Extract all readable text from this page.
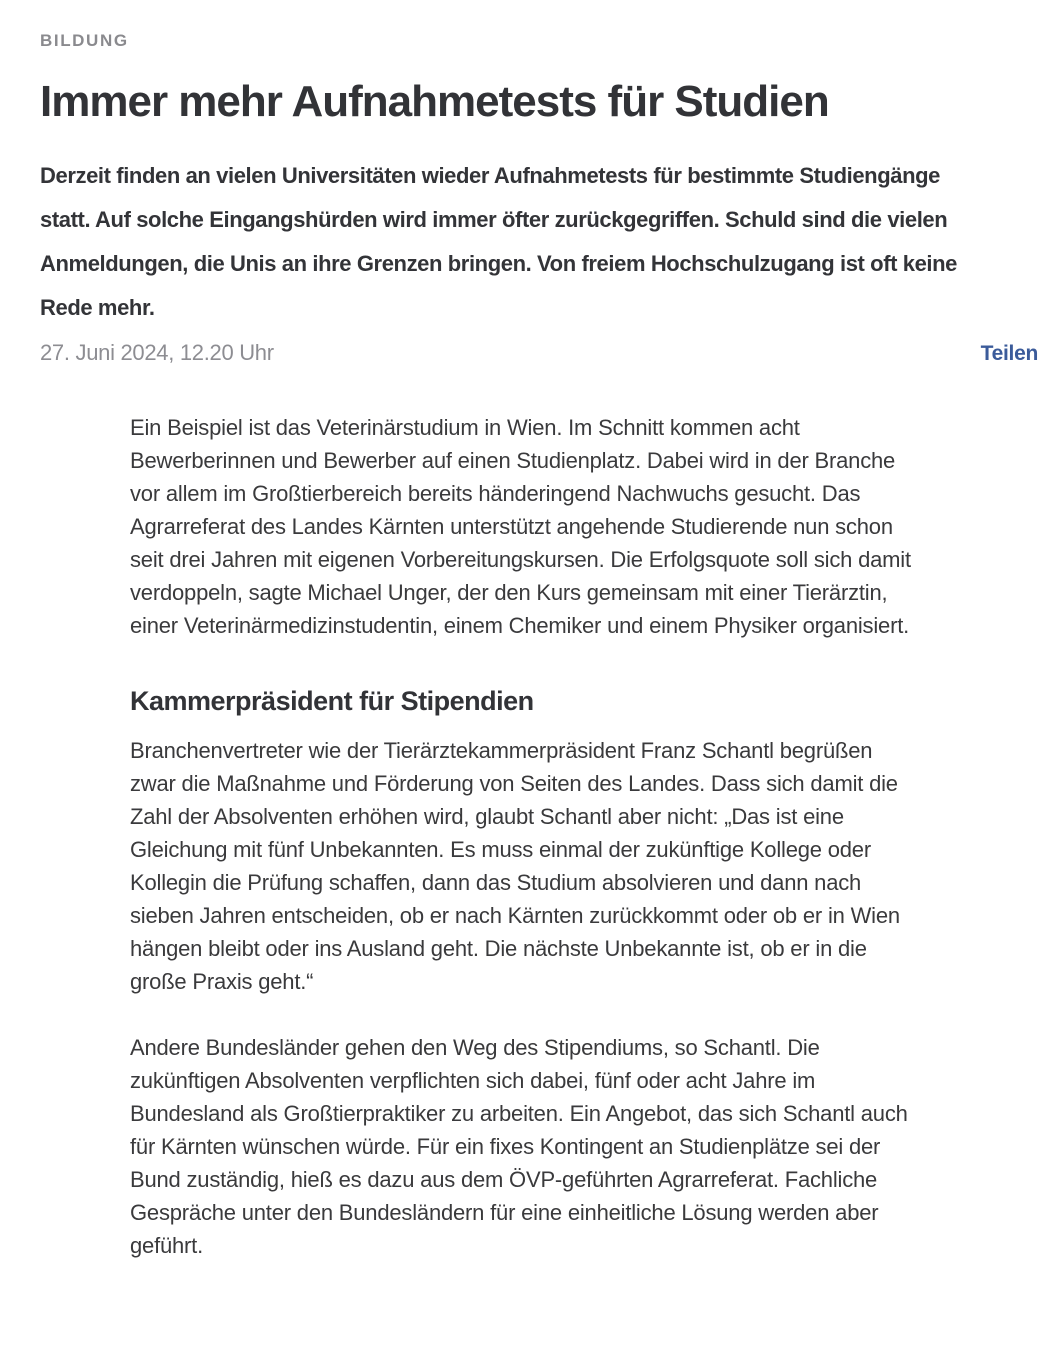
BILDUNG
Immer mehr Aufnahmetests für Studien

Derzeit finden an vielen Universitäten wieder Aufnahmetests für bestimmte Studiengänge statt. Auf solche Eingangshürden wird immer öfter zurückgegriffen. Schuld sind die vielen Anmeldungen, die Unis an ihre Grenzen bringen. Von freiem Hochschulzugang ist oft keine Rede mehr.

27. Juni 2024, 12.20 Uhr	Teilen

Ein Beispiel ist das Veterinärstudium in Wien. Im Schnitt kommen acht Bewerberinnen und Bewerber auf einen Studienplatz. Dabei wird in der Branche vor allem im Großtierbereich bereits händeringend Nachwuchs gesucht. Das Agrarreferat des Landes Kärnten unterstützt angehende Studierende nun schon seit drei Jahren mit eigenen Vorbereitungskursen. Die Erfolgsquote soll sich damit verdoppeln, sagte Michael Unger, der den Kurs gemeinsam mit einer Tierärztin, einer Veterinärmedizinstudentin, einem Chemiker und einem Physiker organisiert.

Kammerpräsident für Stipendien

Branchenvertreter wie der Tierärztekammerpräsident Franz Schantl begrüßen zwar die Maßnahme und Förderung von Seiten des Landes. Dass sich damit die Zahl der Absolventen erhöhen wird, glaubt Schantl aber nicht: „Das ist eine Gleichung mit fünf Unbekannten. Es muss einmal der zukünftige Kollege oder Kollegin die Prüfung schaffen, dann das Studium absolvieren und dann nach sieben Jahren entscheiden, ob er nach Kärnten zurückkommt oder ob er in Wien hängen bleibt oder ins Ausland geht. Die nächste Unbekannte ist, ob er in die große Praxis geht.“

Andere Bundesländer gehen den Weg des Stipendiums, so Schantl. Die zukünftigen Absolventen verpflichten sich dabei, fünf oder acht Jahre im Bundesland als Großtierpraktiker zu arbeiten. Ein Angebot, das sich Schantl auch für Kärnten wünschen würde. Für ein fixes Kontingent an Studienplätze sei der Bund zuständig, hieß es dazu aus dem ÖVP-geführten Agrarreferat. Fachliche Gespräche unter den Bundesländern für eine einheitliche Lösung werden aber geführt.
